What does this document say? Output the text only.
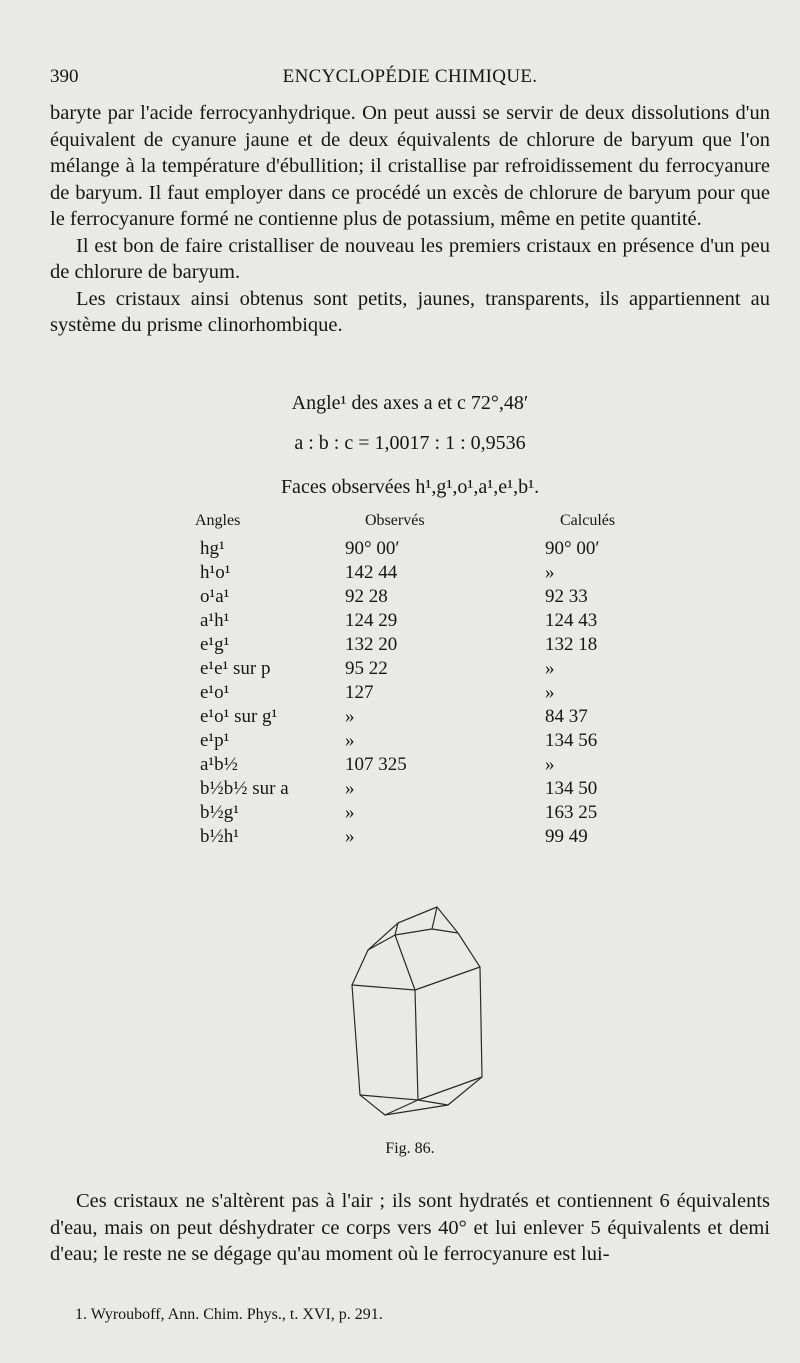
390	ENCYCLOPÉDIE CHIMIQUE.

baryte par l'acide ferrocyanhydrique. On peut aussi se servir de deux dissolutions d'un équivalent de cyanure jaune et de deux équivalents de chlorure de baryum que l'on mélange à la température d'ébullition; il cristallise par refroidissement du ferrocyanure de baryum. Il faut employer dans ce procédé un excès de chlorure de baryum pour que le ferrocyanure formé ne contienne plus de potassium, même en petite quantité.

Il est bon de faire cristalliser de nouveau les premiers cristaux en présence d'un peu de chlorure de baryum.

Les cristaux ainsi obtenus sont petits, jaunes, transparents, ils appartiennent au système du prisme clinorhombique.

Angle¹ des axes a et c 72°,48′
a : b : c = 1,0017 : 1 : 0,9536
Faces observées h¹,g¹,o¹,a¹,e¹,b¹.
Angles	Observés	Calculés
hg¹	90° 00′	90° 00′
h¹o¹	142 44	»
o¹a¹	92 28	92 33
a¹h¹	124 29	124 43
e¹g¹	132 20	132 18
e¹e¹ sur p	95 22	»
e¹o¹	127	»
e¹o¹ sur g¹	»	84 37
e¹p¹	»	134 56
a¹b½	107 325	»
b½b½ sur a	»	134 50
b½g¹	»	163 25
b½h¹	»	99 49
Fig. 86.
Ces cristaux ne s'altèrent pas à l'air ; ils sont hydratés et contiennent 6 équivalents d'eau, mais on peut déshydrater ce corps vers 40° et lui enlever 5 équivalents et demi d'eau; le reste ne se dégage qu'au moment où le ferrocyanure est lui-
1. Wyrouboff, Ann. Chim. Phys., t. XVI, p. 291.
